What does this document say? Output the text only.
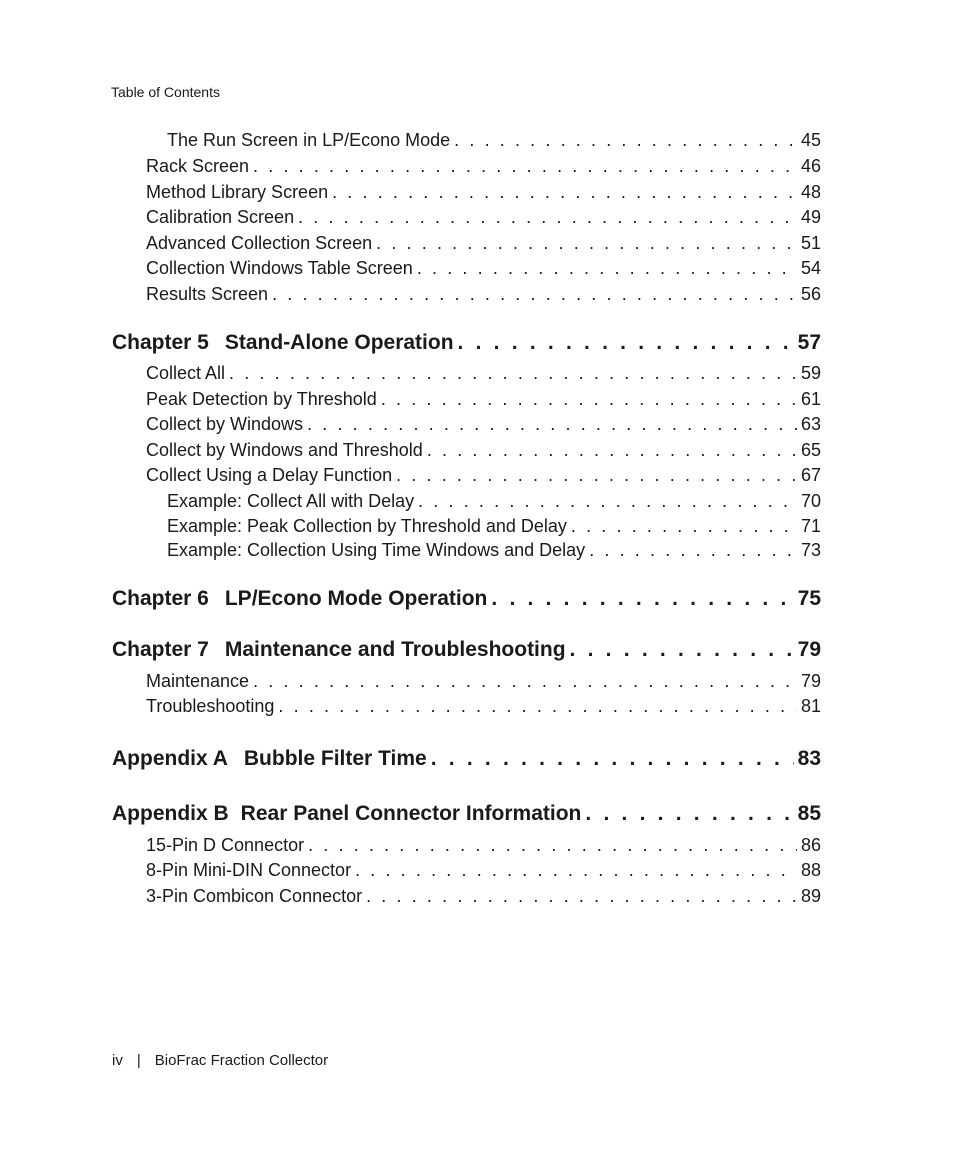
Table of Contents
The Run Screen in LP/Econo Mode . . .	45
Rack Screen . . .	46
Method Library Screen . . .	48
Calibration Screen . . .	49
Advanced Collection Screen . . .	51
Collection Windows Table Screen . . .	54
Results Screen . . .	56
Chapter 5 Stand-Alone Operation . . .	57
Collect All . . .	59
Peak Detection by Threshold . . .	61
Collect by Windows . . .	63
Collect by Windows and Threshold . . .	65
Collect Using a Delay Function . . .	67
Example: Collect All with Delay . . .	70
Example: Peak Collection by Threshold and Delay . . .	71
Example: Collection Using Time Windows and Delay . . .	73
Chapter 6 LP/Econo Mode Operation . . .	75
Chapter 7 Maintenance and Troubleshooting . . .	79
Maintenance . . .	79
Troubleshooting . . .	81
Appendix A Bubble Filter Time . . .	83
Appendix B Rear Panel Connector Information . . .	85
15-Pin D Connector . . .	86
8-Pin Mini-DIN Connector . . .	88
3-Pin Combicon Connector . . .	89
iv | BioFrac Fraction Collector
